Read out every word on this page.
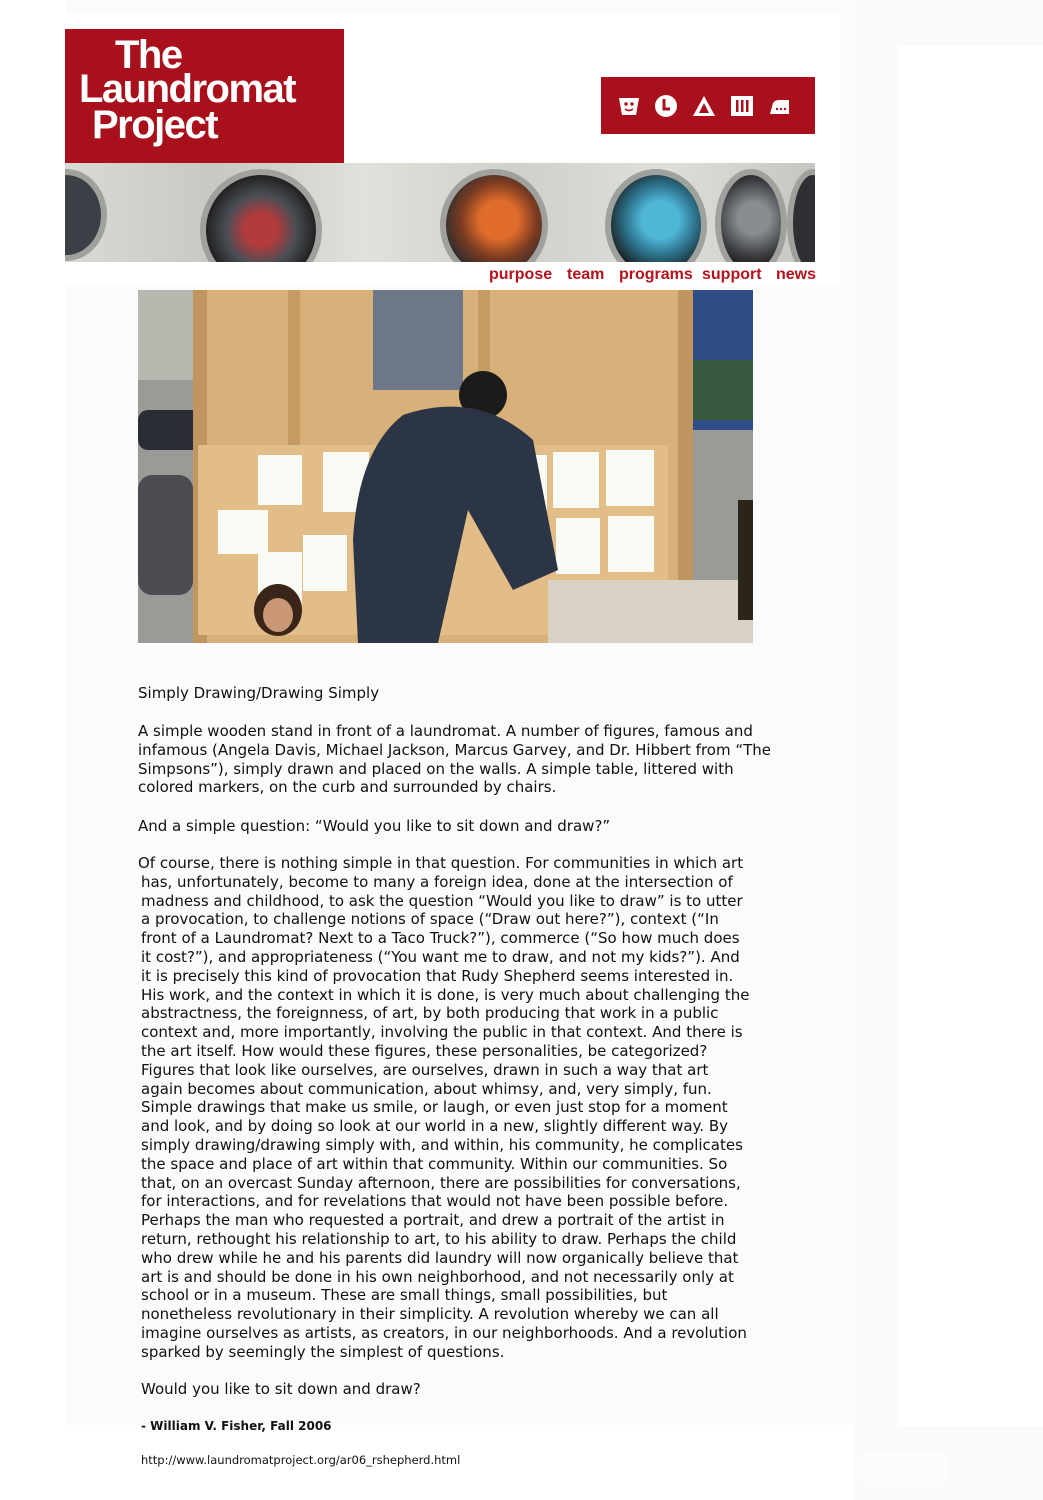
The
Laundromat
Project
purpose team programs support news

Simply Drawing/Drawing Simply

A simple wooden stand in front of a laundromat. A number of figures, famous and infamous (Angela Davis, Michael Jackson, Marcus Garvey, and Dr. Hibbert from “The Simpsons”), simply drawn and placed on the walls. A simple table, littered with colored markers, on the curb and surrounded by chairs.

And a simple question: “Would you like to sit down and draw?”

Of course, there is nothing simple in that question. For communities in which art
has, unfortunately, become to many a foreign idea, done at the intersection of
madness and childhood, to ask the question “Would you like to draw” is to utter
a provocation, to challenge notions of space (“Draw out here?”), context (“In
front of a Laundromat? Next to a Taco Truck?”), commerce (“So how much does
it cost?”), and appropriateness (“You want me to draw, and not my kids?”). And
it is precisely this kind of provocation that Rudy Shepherd seems interested in.
His work, and the context in which it is done, is very much about challenging the
abstractness, the foreignness, of art, by both producing that work in a public
context and, more importantly, involving the public in that context. And there is
the art itself. How would these figures, these personalities, be categorized?
Figures that look like ourselves, are ourselves, drawn in such a way that art
again becomes about communication, about whimsy, and, very simply, fun.
Simple drawings that make us smile, or laugh, or even just stop for a moment
and look, and by doing so look at our world in a new, slightly different way. By
simply drawing/drawing simply with, and within, his community, he complicates
the space and place of art within that community. Within our communities. So
that, on an overcast Sunday afternoon, there are possibilities for conversations,
for interactions, and for revelations that would not have been possible before.
Perhaps the man who requested a portrait, and drew a portrait of the artist in
return, rethought his relationship to art, to his ability to draw. Perhaps the child
who drew while he and his parents did laundry will now organically believe that
art is and should be done in his own neighborhood, and not necessarily only at
school or in a museum. These are small things, small possibilities, but
nonetheless revolutionary in their simplicity. A revolution whereby we can all
imagine ourselves as artists, as creators, in our neighborhoods. And a revolution
sparked by seemingly the simplest of questions.

Would you like to sit down and draw?

- William V. Fisher, Fall 2006

http://www.laundromatproject.org/ar06_rshepherd.html
